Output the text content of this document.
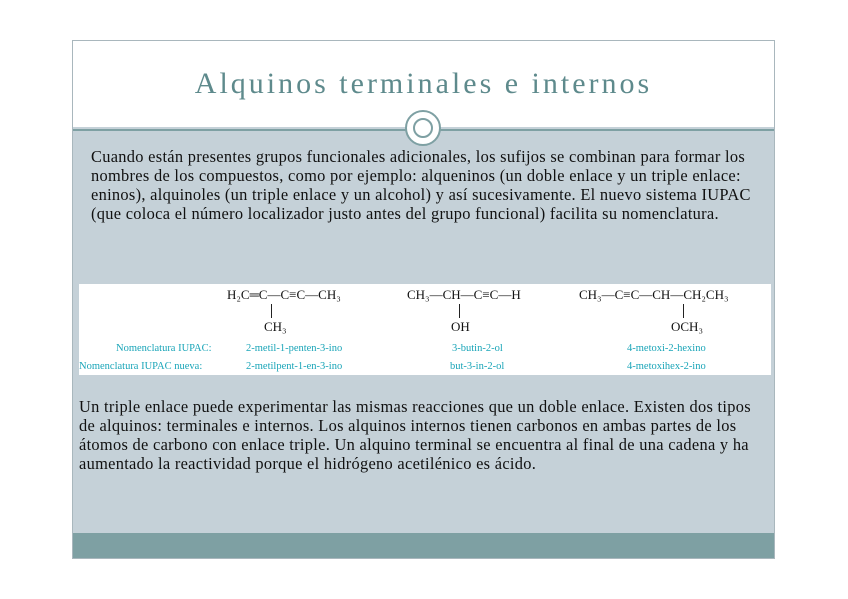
Alquinos terminales e internos
Cuando están presentes grupos funcionales adicionales, los sufijos se combinan para formar los nombres de los compuestos, como por ejemplo: alqueninos (un doble enlace y un triple enlace: eninos), alquinoles (un triple enlace y un alcohol) y así sucesivamente. El nuevo sistema IUPAC (que coloca el número localizador justo antes del grupo funcional) facilita su nomenclatura.
H₂C═C—C≡C—CH₃
CH₃
CH₃—CH—C≡C—H
OH
CH₃—C≡C—CH—CH₂CH₃
OCH₃
Nomenclatura IUPAC:
Nomenclatura IUPAC nueva:
2-metil-1-penten-3-ino
2-metilpent-1-en-3-ino
3-butin-2-ol
but-3-in-2-ol
4-metoxi-2-hexino
4-metoxihex-2-ino
Un triple enlace puede experimentar las mismas reacciones que un doble enlace. Existen dos tipos de alquinos: terminales e internos. Los alquinos internos tienen carbonos en ambas partes de los átomos de carbono con enlace triple. Un alquino terminal se encuentra al final de una cadena y ha aumentado la reactividad porque el hidrógeno acetilénico es ácido.
